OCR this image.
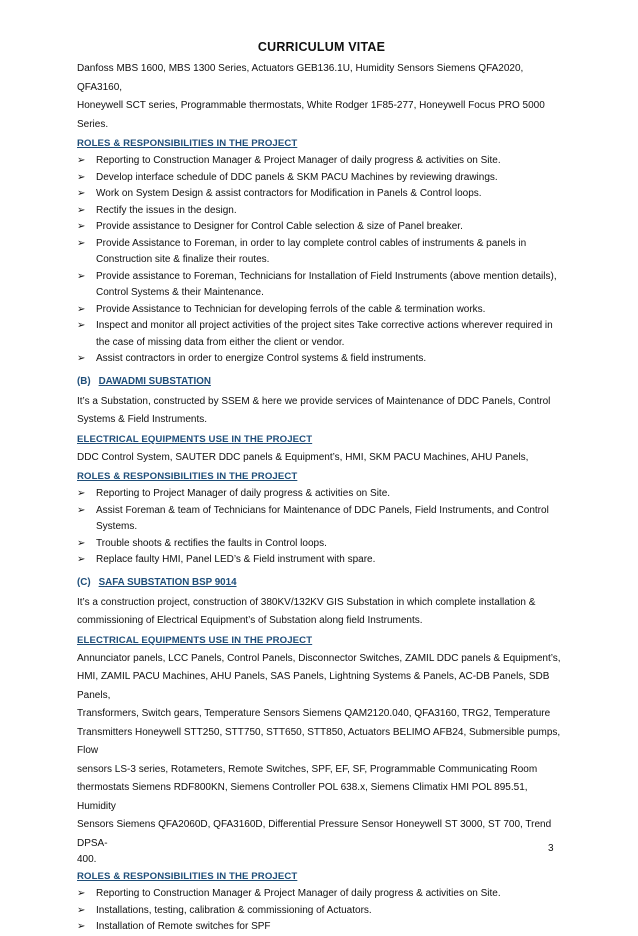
CURRICULUM VITAE

Danfoss MBS 1600, MBS 1300 Series, Actuators GEB136.1U, Humidity Sensors Siemens QFA2020, QFA3160,

Honeywell SCT series, Programmable thermostats, White Rodger 1F85-277, Honeywell Focus PRO 5000 Series.

ROLES & RESPONSIBILITIES IN THE PROJECT
➢ Reporting to Construction Manager & Project Manager of daily progress & activities on Site.
➢ Develop interface schedule of DDC panels & SKM PACU Machines by reviewing drawings.
➢ Work on System Design & assist contractors for Modification in Panels & Control loops.
➢ Rectify the issues in the design.
➢ Provide assistance to Designer for Control Cable selection & size of Panel breaker.
➢ Provide Assistance to Foreman, in order to lay complete control cables of instruments & panels in Construction site & finalize their routes.
➢ Provide assistance to Foreman, Technicians for Installation of Field Instruments (above mention details), Control Systems & their Maintenance.
➢ Provide Assistance to Technician for developing ferrols of the cable & termination works.
➢ Inspect and monitor all project activities of the project sites Take corrective actions wherever required in the case of missing data from either the client or vendor.
➢ Assist contractors in order to energize Control systems & field instruments.
(B) DAWADMI SUBSTATION

It’s a Substation, constructed by SSEM & here we provide services of Maintenance of DDC Panels, Control

Systems & Field Instruments.

ELECTRICAL EQUIPMENTS USE IN THE PROJECT

DDC Control System, SAUTER DDC panels & Equipment’s, HMI, SKM PACU Machines, AHU Panels,

ROLES & RESPONSIBILITIES IN THE PROJECT
➢ Reporting to Project Manager of daily progress & activities on Site.
➢ Assist Foreman & team of Technicians for Maintenance of DDC Panels, Field Instruments, and Control Systems.
➢ Trouble shoots & rectifies the faults in Control loops.
➢ Replace faulty HMI, Panel LED’s & Field instrument with spare.
(C) SAFA SUBSTATION BSP 9014

It’s a construction project, construction of 380KV/132KV GIS Substation in which complete installation &

commissioning of Electrical Equipment’s of Substation along field Instruments.

ELECTRICAL EQUIPMENTS USE IN THE PROJECT

Annunciator panels, LCC Panels, Control Panels, Disconnector Switches, ZAMIL DDC panels & Equipment’s,

HMI, ZAMIL PACU Machines, AHU Panels, SAS Panels, Lightning Systems & Panels, AC-DB Panels, SDB Panels,

Transformers, Switch gears, Temperature Sensors Siemens QAM2120.040, QFA3160, TRG2, Temperature

Transmitters Honeywell STT250, STT750, STT650, STT850, Actuators BELIMO AFB24, Submersible pumps, Flow

sensors LS-3 series, Rotameters, Remote Switches, SPF, EF, SF, Programmable Communicating Room

thermostats Siemens RDF800KN, Siemens Controller POL 638.x, Siemens Climatix HMI POL 895.51, Humidity

Sensors Siemens QFA2060D, QFA3160D, Differential Pressure Sensor Honeywell ST 3000, ST 700, Trend DPSA-

400.

ROLES & RESPONSIBILITIES IN THE PROJECT
➢ Reporting to Construction Manager & Project Manager of daily progress & activities on Site.
➢ Installations, testing, calibration & commissioning of Actuators.
➢ Installation of Remote switches for SPF
3
